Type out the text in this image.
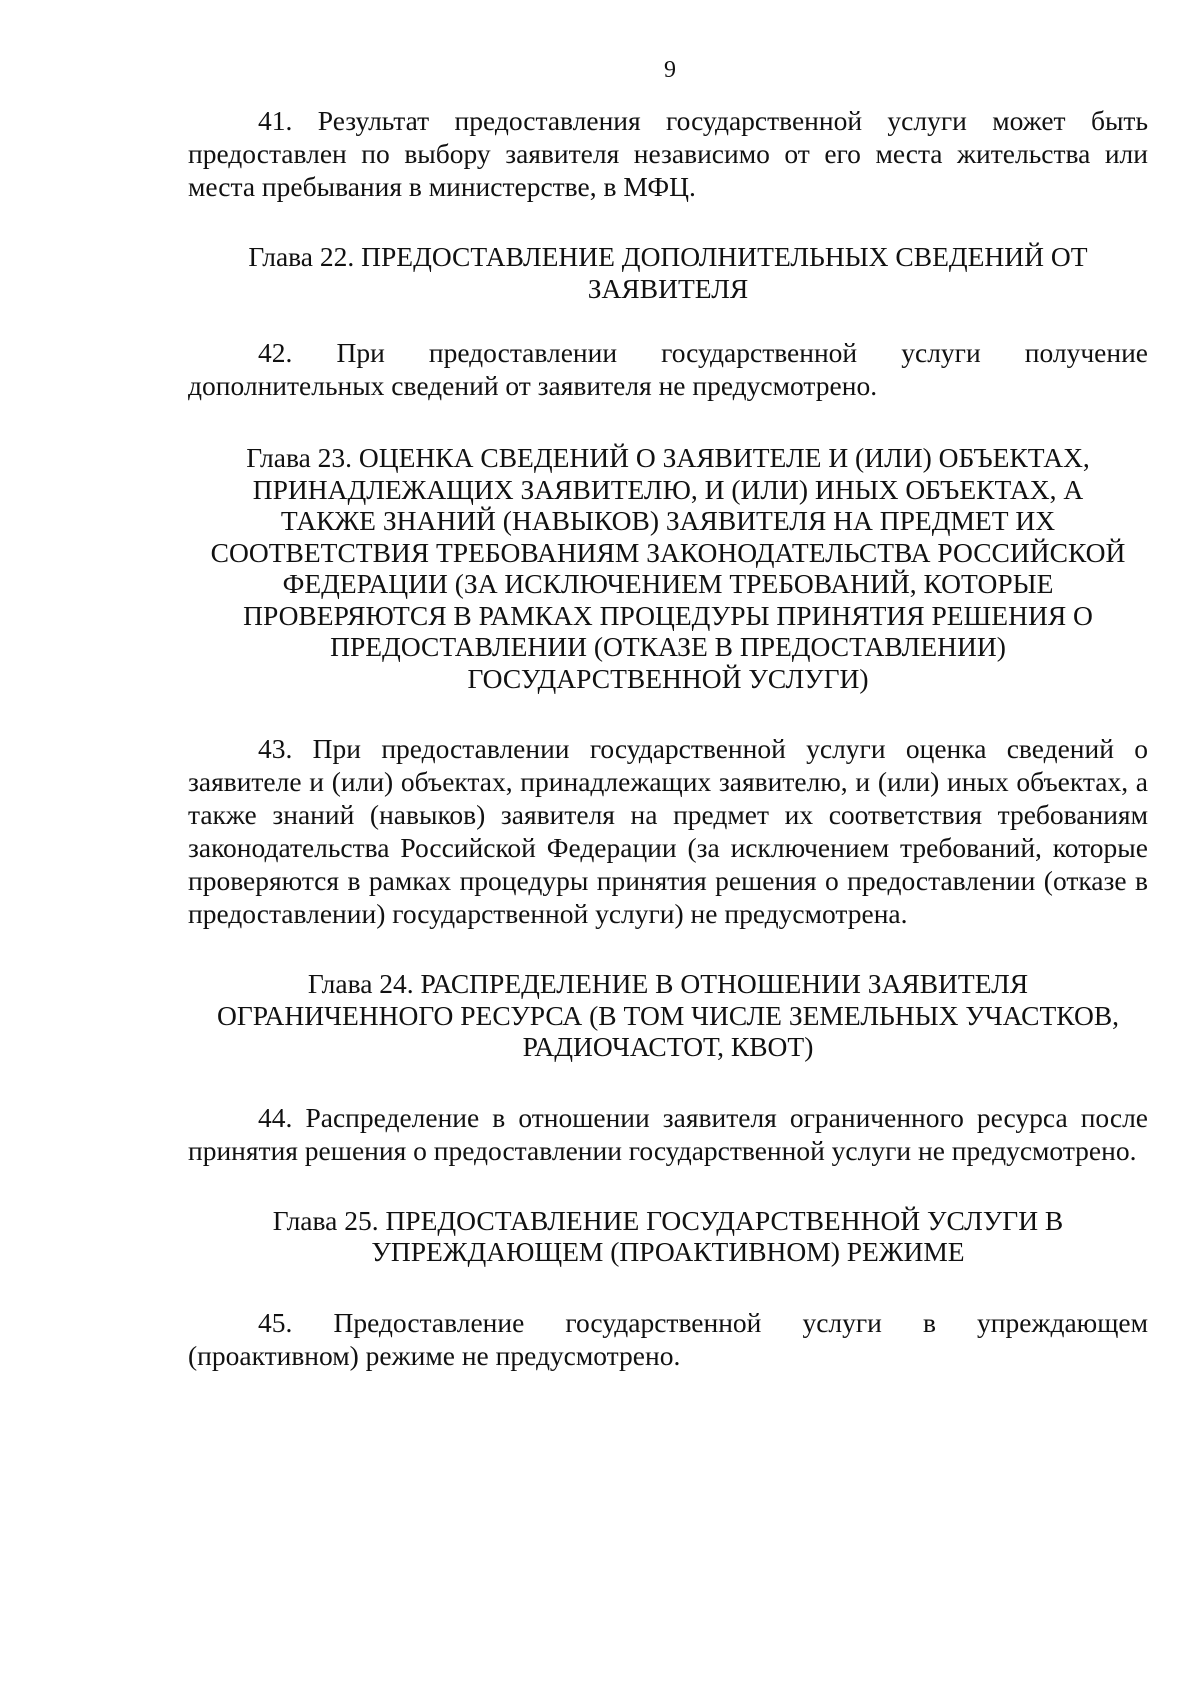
9

41. Результат предоставления государственной услуги может быть предоставлен по выбору заявителя независимо от его места жительства или места пребывания в министерстве, в МФЦ.

Глава 22. ПРЕДОСТАВЛЕНИЕ ДОПОЛНИТЕЛЬНЫХ СВЕДЕНИЙ ОТ
ЗАЯВИТЕЛЯ

42. При предоставлении государственной услуги получение дополнительных сведений от заявителя не предусмотрено.

Глава 23. ОЦЕНКА СВЕДЕНИЙ О ЗАЯВИТЕЛЕ И (ИЛИ) ОБЪЕКТАХ,
ПРИНАДЛЕЖАЩИХ ЗАЯВИТЕЛЮ, И (ИЛИ) ИНЫХ ОБЪЕКТАХ, А
ТАКЖЕ ЗНАНИЙ (НАВЫКОВ) ЗАЯВИТЕЛЯ НА ПРЕДМЕТ ИХ
СООТВЕТСТВИЯ ТРЕБОВАНИЯМ ЗАКОНОДАТЕЛЬСТВА РОССИЙСКОЙ
ФЕДЕРАЦИИ (ЗА ИСКЛЮЧЕНИЕМ ТРЕБОВАНИЙ, КОТОРЫЕ
ПРОВЕРЯЮТСЯ В РАМКАХ ПРОЦЕДУРЫ ПРИНЯТИЯ РЕШЕНИЯ О
ПРЕДОСТАВЛЕНИИ (ОТКАЗЕ В ПРЕДОСТАВЛЕНИИ)
ГОСУДАРСТВЕННОЙ УСЛУГИ)

43. При предоставлении государственной услуги оценка сведений о заявителе и (или) объектах, принадлежащих заявителю, и (или) иных объектах, а также знаний (навыков) заявителя на предмет их соответствия требованиям законодательства Российской Федерации (за исключением требований, которые проверяются в рамках процедуры принятия решения о предоставлении (отказе в предоставлении) государственной услуги) не предусмотрена.

Глава 24. РАСПРЕДЕЛЕНИЕ В ОТНОШЕНИИ ЗАЯВИТЕЛЯ
ОГРАНИЧЕННОГО РЕСУРСА (В ТОМ ЧИСЛЕ ЗЕМЕЛЬНЫХ УЧАСТКОВ,
РАДИОЧАСТОТ, КВОТ)

44. Распределение в отношении заявителя ограниченного ресурса после принятия решения о предоставлении государственной услуги не предусмотрено.

Глава 25. ПРЕДОСТАВЛЕНИЕ ГОСУДАРСТВЕННОЙ УСЛУГИ В
УПРЕЖДАЮЩЕМ (ПРОАКТИВНОМ) РЕЖИМЕ

45. Предоставление государственной услуги в упреждающем (проактивном) режиме не предусмотрено.
